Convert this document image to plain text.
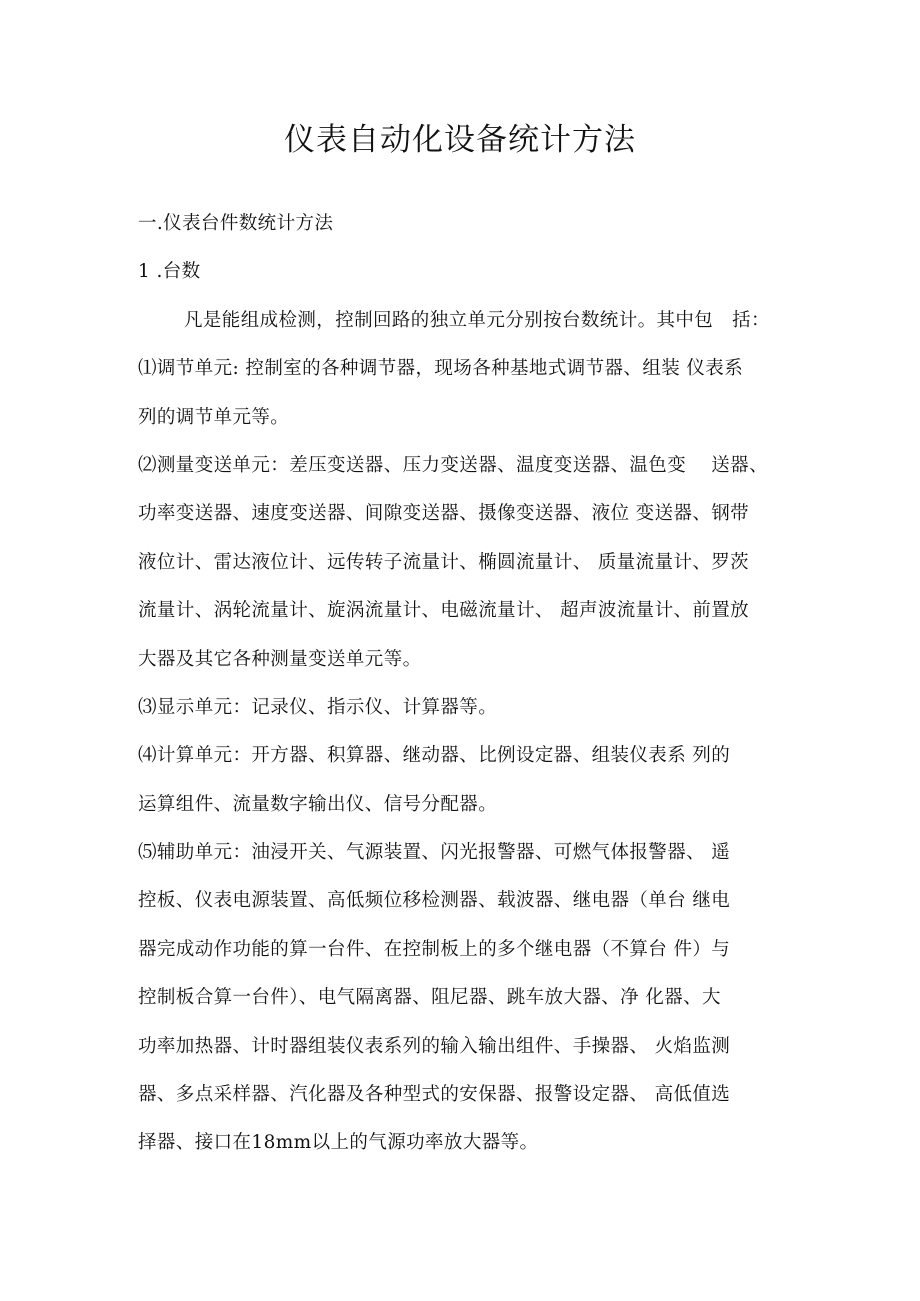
仪表自动化设备统计方法
一.仪表台件数统计方法
1 .台数
凡是能组成检测，控制回路的独立单元分别按台数统计。其中包　括：
⑴调节单元: 控制室的各种调节器，现场各种基地式调节器、组装 仪表系
列的调节单元等。
⑵测量变送单元：差压变送器、压力变送器、温度变送器、温色变　 送器、
功率变送器、速度变送器、间隙变送器、摄像变送器、液位 变送器、钢带
液位计、雷达液位计、远传转子流量计、椭圆流量计、 质量流量计、罗茨
流量计、涡轮流量计、旋涡流量计、电磁流量计、 超声波流量计、前置放
大器及其它各种测量变送单元等。
⑶显示单元：记录仪、指示仪、计算器等。
⑷计算单元：开方器、积算器、继动器、比例设定器、组装仪表系 列的
运算组件、流量数字输出仪、信号分配器。
⑸辅助单元：油浸开关、气源装置、闪光报警器、可燃气体报警器、 遥
控板、仪表电源装置、高低频位移检测器、载波器、继电器（单台 继电
器完成动作功能的算一台件、在控制板上的多个继电器（不算台 件）与
控制板合算一台件）、电气隔离器、阻尼器、跳车放大器、净 化器、大
功率加热器、计时器组装仪表系列的输入输出组件、手操器、 火焰监测
器、多点采样器、汽化器及各种型式的安保器、报警设定器、 高低值选
择器、接口在18mm以上的气源功率放大器等。
